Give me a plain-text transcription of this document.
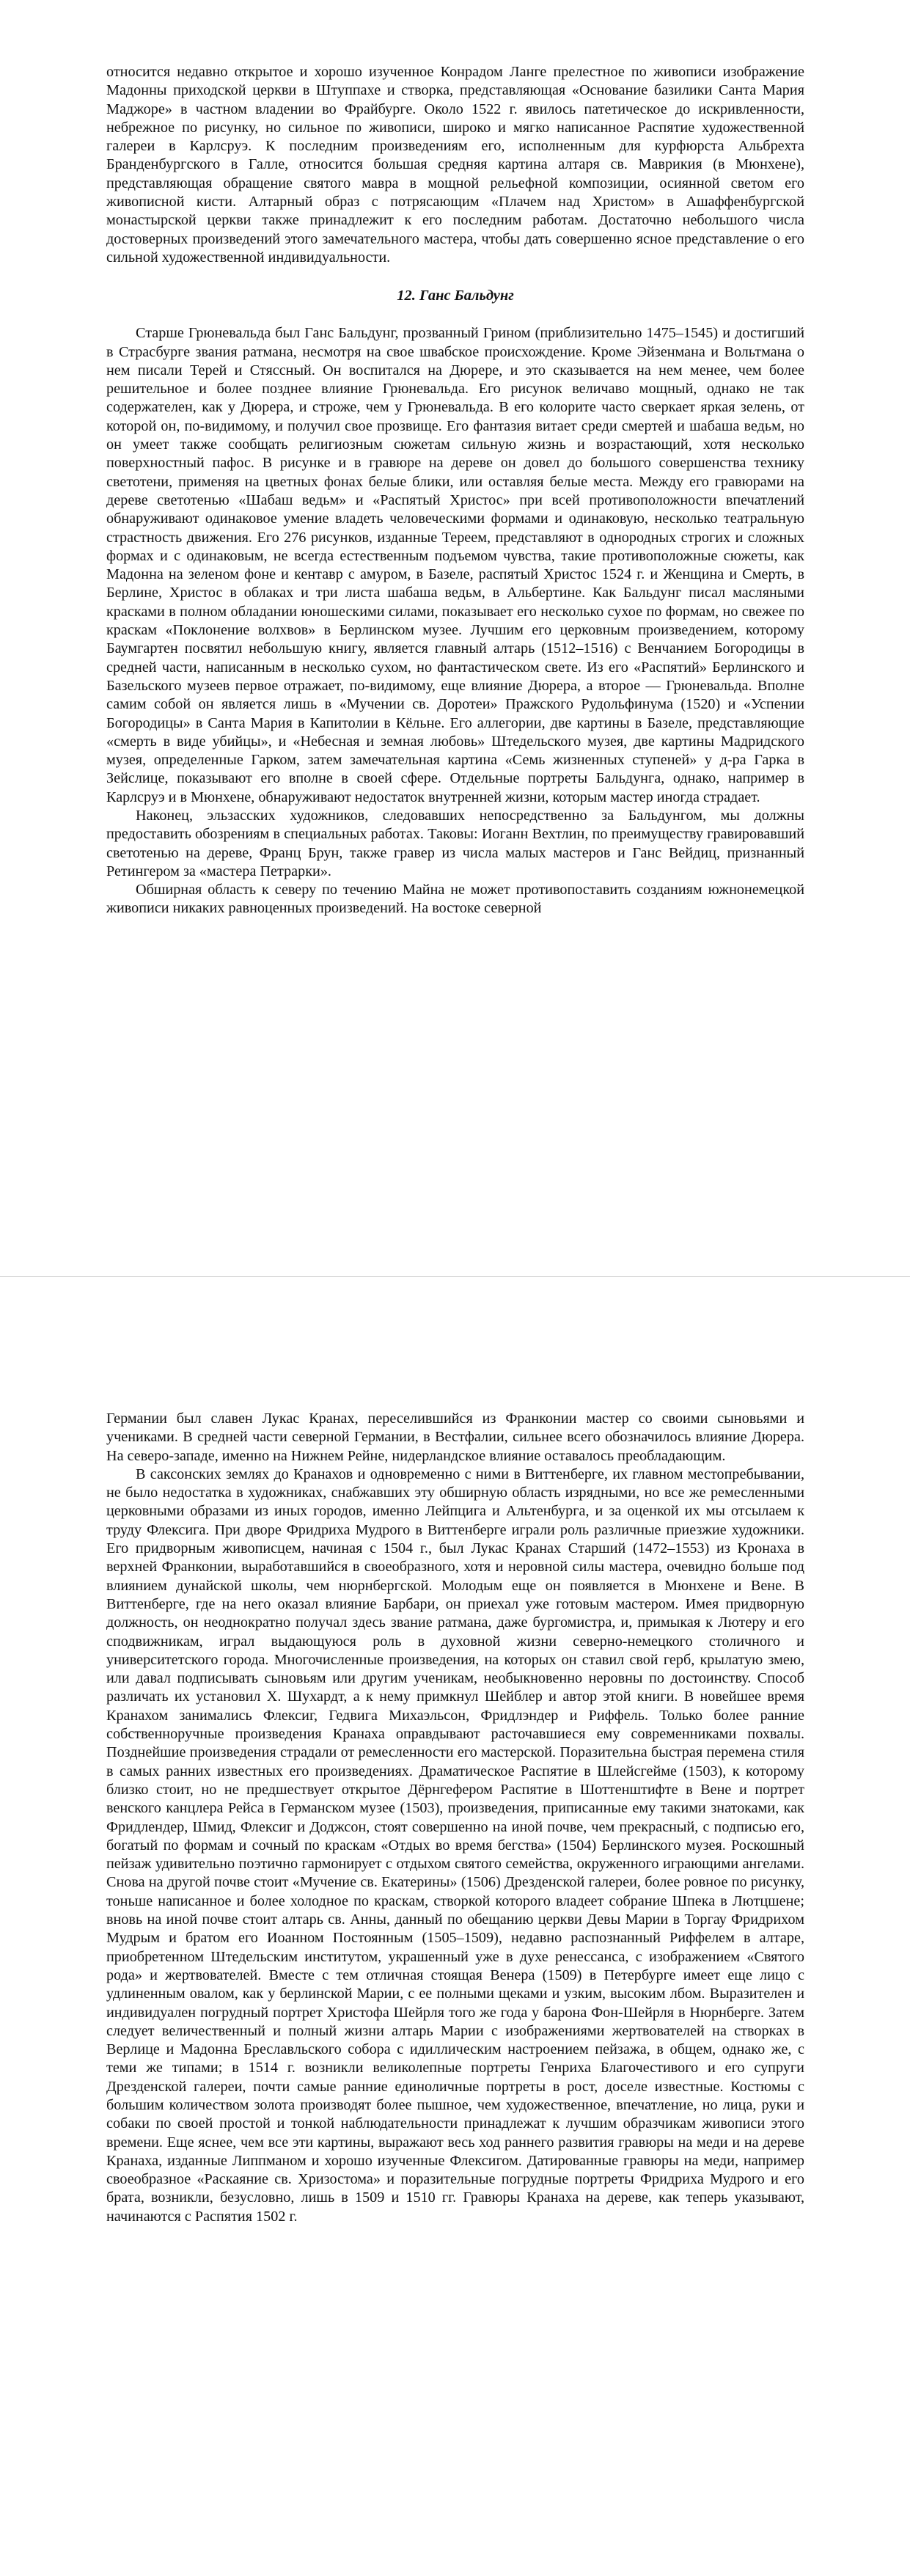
относится недавно открытое и хорошо изученное Конрадом Ланге прелестное по живописи изображение Мадонны приходской церкви в Штуппахе и створка, представляющая «Основание базилики Санта Мария Маджоре» в частном владении во Фрайбурге. Около 1522 г. явилось патетическое до искривленности, небрежное по рисунку, но сильное по живописи, широко и мягко написанное Распятие художественной галереи в Карлсруэ. К последним произведениям его, исполненным для курфюрста Альбрехта Бранденбургского в Галле, относится большая средняя картина алтаря св. Маврикия (в Мюнхене), представляющая обращение святого мавра в мощной рельефной композиции, осиянной светом его живописной кисти. Алтарный образ с потрясающим «Плачем над Христом» в Ашаффенбургской монастырской церкви также принадлежит к его последним работам. Достаточно небольшого числа достоверных произведений этого замечательного мастера, чтобы дать совершенно ясное представление о его сильной художественной индивидуальности.

12. Ганс Бальдунг

Старше Грюневальда был Ганс Бальдунг, прозванный Грином (приблизительно 1475–1545) и достигший в Страсбурге звания ратмана, несмотря на свое швабское происхождение. Кроме Эйзенмана и Вольтмана о нем писали Терей и Стясcный. Он воспитался на Дюрере, и это сказывается на нем менее, чем более решительное и более позднее влияние Грюневальда. Его рисунок величаво мощный, однако не так содержателен, как у Дюрера, и строже, чем у Грюневальда. В его колорите часто сверкает яркая зелень, от которой он, по-видимому, и получил свое прозвище. Его фантазия витает среди смертей и шабаша ведьм, но он умеет также сообщать религиозным сюжетам сильную жизнь и возрастающий, хотя несколько поверхностный пафос. В рисунке и в гравюре на дереве он довел до большого совершенства технику светотени, применяя на цветных фонах белые блики, или оставляя белые места. Между его гравюрами на дереве светотенью «Шабаш ведьм» и «Распятый Христос» при всей противоположности впечатлений обнаруживают одинаковое умение владеть человеческими формами и одинаковую, несколько театральную страстность движения. Его 276 рисунков, изданные Тереем, представляют в однородных строгих и сложных формах и с одинаковым, не всегда естественным подъемом чувства, такие противоположные сюжеты, как Мадонна на зеленом фоне и кентавр с амуром, в Базеле, распятый Христос 1524 г. и Женщина и Смерть, в Берлине, Христос в облаках и три листа шабаша ведьм, в Альбертине. Как Бальдунг писал масляными красками в полном обладании юношескими силами, показывает его несколько сухое по формам, но свежее по краскам «Поклонение волхвов» в Берлинском музее. Лучшим его церковным произведением, которому Баумгартен посвятил небольшую книгу, является главный алтарь (1512–1516) с Венчанием Богородицы в средней части, написанным в несколько сухом, но фантастическом свете. Из его «Распятий» Берлинского и Базельского музеев первое отражает, по-видимому, еще влияние Дюрера, а второе — Грюневальда. Вполне самим собой он является лишь в «Мучении св. Доротеи» Пражского Рудольфинума (1520) и «Успении Богородицы» в Санта Мария в Капитолии в Кёльне. Его аллегории, две картины в Базеле, представляющие «смерть в виде убийцы», и «Небесная и земная любовь» Штедельского музея, две картины Мадридского музея, определенные Гарком, затем замечательная картина «Семь жизненных ступеней» у д-ра Гарка в Зейслице, показывают его вполне в своей сфере. Отдельные портреты Бальдунга, однако, например в Карлсруэ и в Мюнхене, обнаруживают недостаток внутренней жизни, которым мастер иногда страдает.

Наконец, эльзасских художников, следовавших непосредственно за Бальдунгом, мы должны предоставить обозрениям в специальных работах. Таковы: Иоганн Вехтлин, по преимуществу гравировавший светотенью на дереве, Франц Брун, также гравер из числа малых мастеров и Ганс Вейдиц, признанный Ретингером за «мастера Петрарки».

Обширная область к северу по течению Майна не может противопоставить созданиям южнонемецкой живописи никаких равноценных произведений. На востоке северной

Германии был славен Лукас Кранах, переселившийся из Франконии мастер со своими сыновьями и учениками. В средней части северной Германии, в Вестфалии, сильнее всего обозначилось влияние Дюрера. На северо-западе, именно на Нижнем Рейне, нидерландское влияние оставалось преобладающим.

В саксонских землях до Кранахов и одновременно с ними в Виттенберге, их главном местопребывании, не было недостатка в художниках, снабжавших эту обширную область изрядными, но все же ремесленными церковными образами из иных городов, именно Лейпцига и Альтенбурга, и за оценкой их мы отсылаем к труду Флексига. При дворе Фридриха Мудрого в Виттенберге играли роль различные приезжие художники. Его придворным живописцем, начиная с 1504 г., был Лукас Кранах Старший (1472–1553) из Кронаха в верхней Франконии, выработавшийся в своеобразного, хотя и неровной силы мастера, очевидно больше под влиянием дунайской школы, чем нюрнбергской. Молодым еще он появляется в Мюнхене и Вене. В Виттенберге, где на него оказал влияние Барбари, он приехал уже готовым мастером. Имея придворную должность, он неоднократно получал здесь звание ратмана, даже бургомистра, и, примыкая к Лютеру и его сподвижникам, играл выдающуюся роль в духовной жизни северно-немецкого столичного и университетского города. Многочисленные произведения, на которых он ставил свой герб, крылатую змею, или давал подписывать сыновьям или другим ученикам, необыкновенно неровны по достоинству. Способ различать их установил Х. Шухардт, а к нему примкнул Шейблер и автор этой книги. В новейшее время Кранахом занимались Флексиг, Гедвига Михаэльсон, Фридлэндер и Риффель. Только более ранние собственноручные произведения Кранаха оправдывают расточавшиеся ему современниками похвалы. Позднейшие произведения страдали от ремесленности его мастерской. Поразительна быстрая перемена стиля в самых ранних известных его произведениях. Драматическое Распятие в Шлейсгейме (1503), к которому близко стоит, но не предшествует открытое Дёрнгефером Распятие в Шоттенштифте в Вене и портрет венского канцлера Рейса в Германском музее (1503), произведения, приписанные ему такими знатоками, как Фридлендер, Шмид, Флексиг и Доджсон, стоят совершенно на иной почве, чем прекрасный, с подписью его, богатый по формам и сочный по краскам «Отдых во время бегства» (1504) Берлинского музея. Роскошный пейзаж удивительно поэтично гармонирует с отдыхом святого семейства, окруженного играющими ангелами. Снова на другой почве стоит «Мучение св. Екатерины» (1506) Дрезденской галереи, более ровное по рисунку, тоньше написанное и более холодное по краскам, створкой которого владеет собрание Шпека в Лютцшене; вновь на иной почве стоит алтарь св. Анны, данный по обещанию церкви Девы Марии в Торгау Фридрихом Мудрым и братом его Иоанном Постоянным (1505–1509), недавно распознанный Риффелем в алтаре, приобретенном Штедельским институтом, украшенный уже в духе ренессанса, с изображением «Святого рода» и жертвователей. Вместе с тем отличная стоящая Венера (1509) в Петербурге имеет еще лицо с удлиненным овалом, как у берлинской Марии, с ее полными щеками и узким, высоким лбом. Выразителен и индивидуален погрудный портрет Христофа Шейрля того же года у барона Фон-Шейрля в Нюрнберге. Затем следует величественный и полный жизни алтарь Марии с изображениями жертвователей на створках в Верлице и Мадонна Бреславльского собора с идиллическим настроением пейзажа, в общем, однако же, с теми же типами; в 1514 г. возникли великолепные портреты Генриха Благочестивого и его супруги Дрезденской галереи, почти самые ранние единоличные портреты в рост, доселе известные. Костюмы с большим количеством золота производят более пышное, чем художественное, впечатление, но лица, руки и собаки по своей простой и тонкой наблюдательности принадлежат к лучшим образчикам живописи этого времени. Еще яснее, чем все эти картины, выражают весь ход раннего развития гравюры на меди и на дереве Кранаха, изданные Липпманом и хорошо изученные Флексигом. Датированные гравюры на меди, например своеобразное «Раскаяние св. Хризостома» и поразительные погрудные портреты Фридриха Мудрого и его брата, возникли, безусловно, лишь в 1509 и 1510 гг. Гравюры Кранаха на дереве, как теперь указывают, начинаются с Распятия 1502 г.
